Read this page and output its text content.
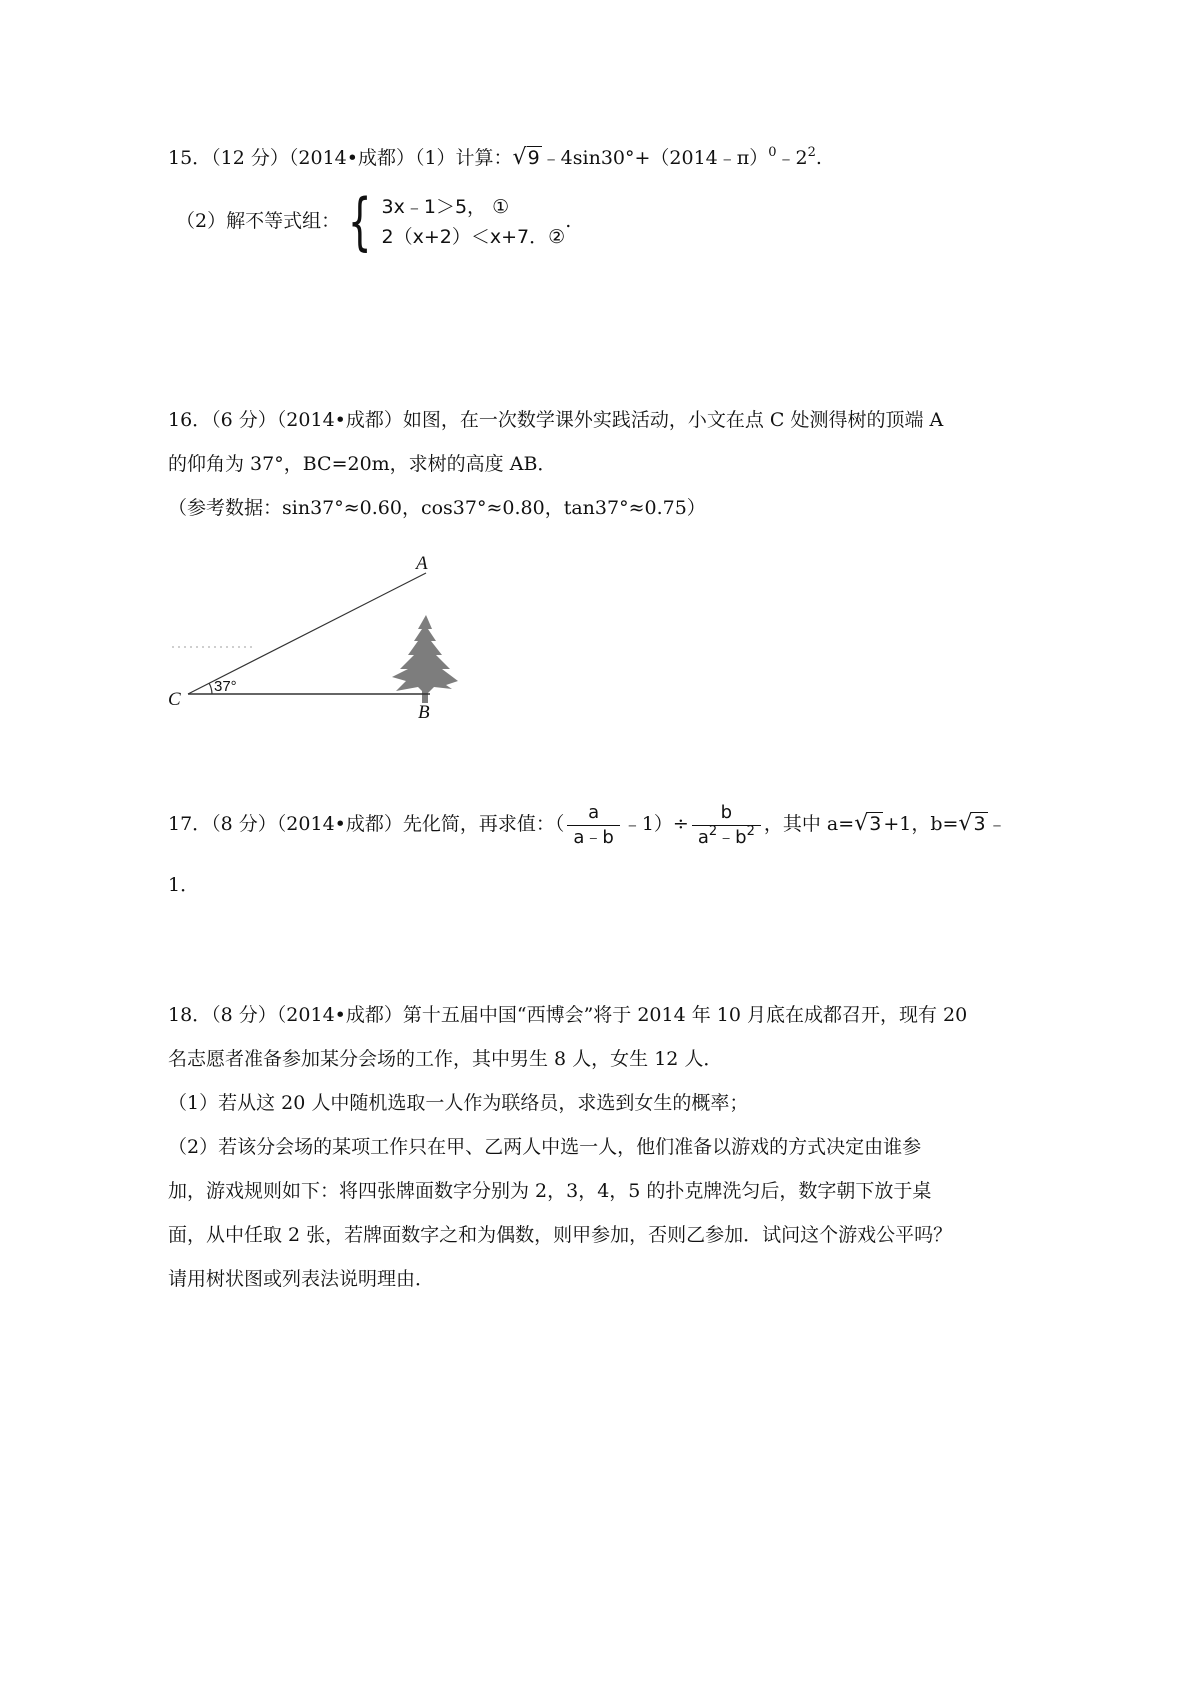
15．（12 分）（2014•成都）（1）计算：√9 $﹣4\sin 30^\circ+(2014﹣\pi)^0﹣2^2$.
（2）解不等式组： { 3x﹣1＞5， ①
2（x+2）＜x+7．②
.
16．（6 分）（2014•成都）如图，在一次数学课外实践活动，小文在点 C 处测得树的顶端 A
的仰角为 37°，BC=20m，求树的高度 AB．
（参考数据：sin37°≈0.60，cos37°≈0.80，tan37°≈0.75）
37°
C
B
A
17．（8 分）（2014•成都）先化简，再求值：（ $\frac{a}{a﹣b}$ ﹣1）÷ $\frac{b}{a^2﹣b^2}$ ，其中 a=√3 +1，b=√3 ﹣
1．
18．（8 分）（2014•成都）第十五届中国“西博会”将于 2014 年 10 月底在成都召开，现有 20
名志愿者准备参加某分会场的工作，其中男生 8 人，女生 12 人．
（1）若从这 20 人中随机选取一人作为联络员，求选到女生的概率；
（2）若该分会场的某项工作只在甲、乙两人中选一人，他们准备以游戏的方式决定由谁参
加，游戏规则如下：将四张牌面数字分别为 2，3，4，5 的扑克牌洗匀后，数字朝下放于桌
面，从中任取 2 张，若牌面数字之和为偶数，则甲参加，否则乙参加．试问这个游戏公平吗？
请用树状图或列表法说明理由．
